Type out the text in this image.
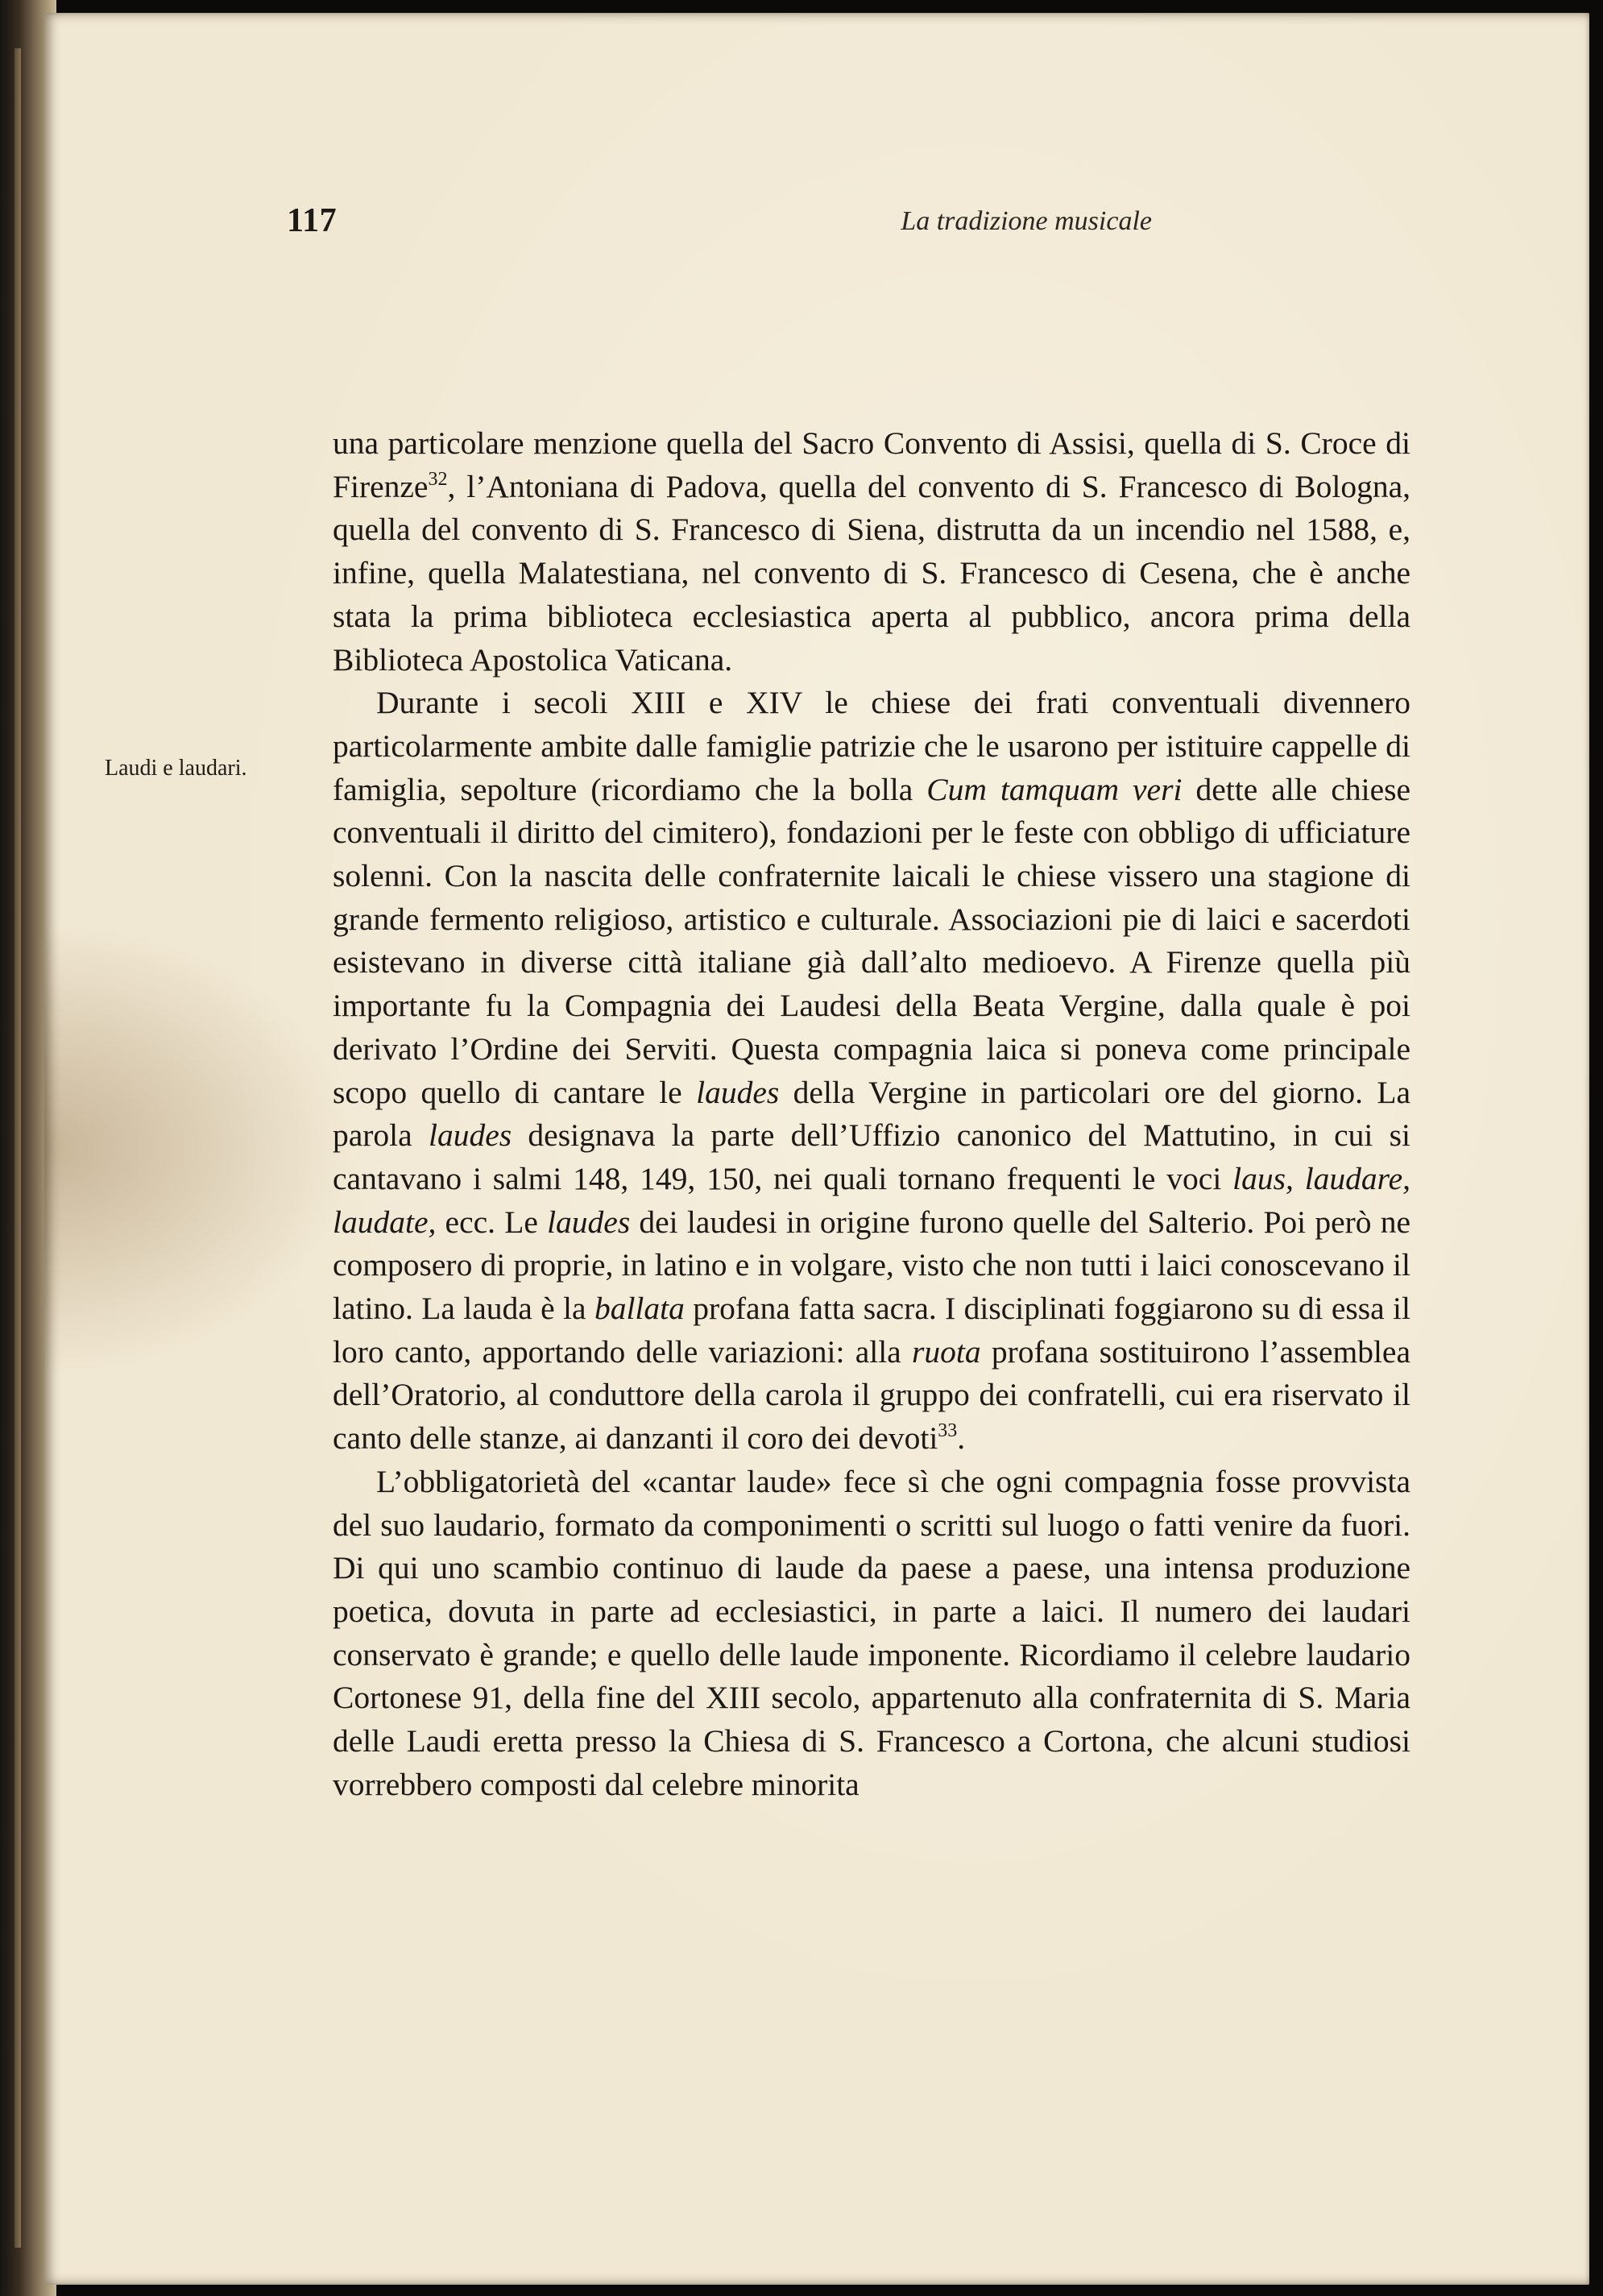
117	La tradizione musicale
Laudi e laudari.

una particolare menzione quella del Sacro Convento di Assisi, quella di S. Croce di Firenze$^{32}$, l’Antoniana di Padova, quella del convento di S. Francesco di Bologna, quella del convento di S. Francesco di Siena, distrutta da un incendio nel 1588, e, infine, quella Malatestiana, nel convento di S. Francesco di Cesena, che è anche stata la prima biblioteca ecclesiastica aperta al pubblico, ancora prima della Biblioteca Apostolica Vaticana.

Durante i secoli XIII e XIV le chiese dei frati conventuali divennero particolarmente ambite dalle famiglie patrizie che le usarono per istituire cappelle di famiglia, sepolture (ricordiamo che la bolla Cum tamquam veri dette alle chiese conventuali il diritto del cimitero), fondazioni per le feste con obbligo di ufficiature solenni. Con la nascita delle confraternite laicali le chiese vissero una stagione di grande fermento religioso, artistico e culturale. Associazioni pie di laici e sacerdoti esistevano in diverse città italiane già dall’alto medioevo. A Firenze quella più importante fu la Compagnia dei Laudesi della Beata Vergine, dalla quale è poi derivato l’Ordine dei Serviti. Questa compagnia laica si poneva come principale scopo quello di cantare le laudes della Vergine in particolari ore del giorno. La parola laudes designava la parte dell’Uffizio canonico del Mattutino, in cui si cantavano i salmi 148, 149, 150, nei quali tornano frequenti le voci laus, laudare, laudate, ecc. Le laudes dei laudesi in origine furono quelle del Salterio. Poi però ne composero di proprie, in latino e in volgare, visto che non tutti i laici conoscevano il latino. La lauda è la ballata profana fatta sacra. I disciplinati foggiarono su di essa il loro canto, apportando delle variazioni: alla ruota profana sostituirono l’assemblea dell’Oratorio, al conduttore della carola il gruppo dei confratelli, cui era riservato il canto delle stanze, ai danzanti il coro dei devoti$^{33}$.

L’obbligatorietà del «cantar laude» fece sì che ogni compagnia fosse provvista del suo laudario, formato da componimenti o scritti sul luogo o fatti venire da fuori. Di qui uno scambio continuo di laude da paese a paese, una intensa produzione poetica, dovuta in parte ad ecclesiastici, in parte a laici. Il numero dei laudari conservato è grande; e quello delle laude imponente. Ricordiamo il celebre laudario Cortonese 91, della fine del XIII secolo, appartenuto alla confraternita di S. Maria delle Laudi eretta presso la Chiesa di S. Francesco a Cortona, che alcuni studiosi vorrebbero composti dal celebre minorita
